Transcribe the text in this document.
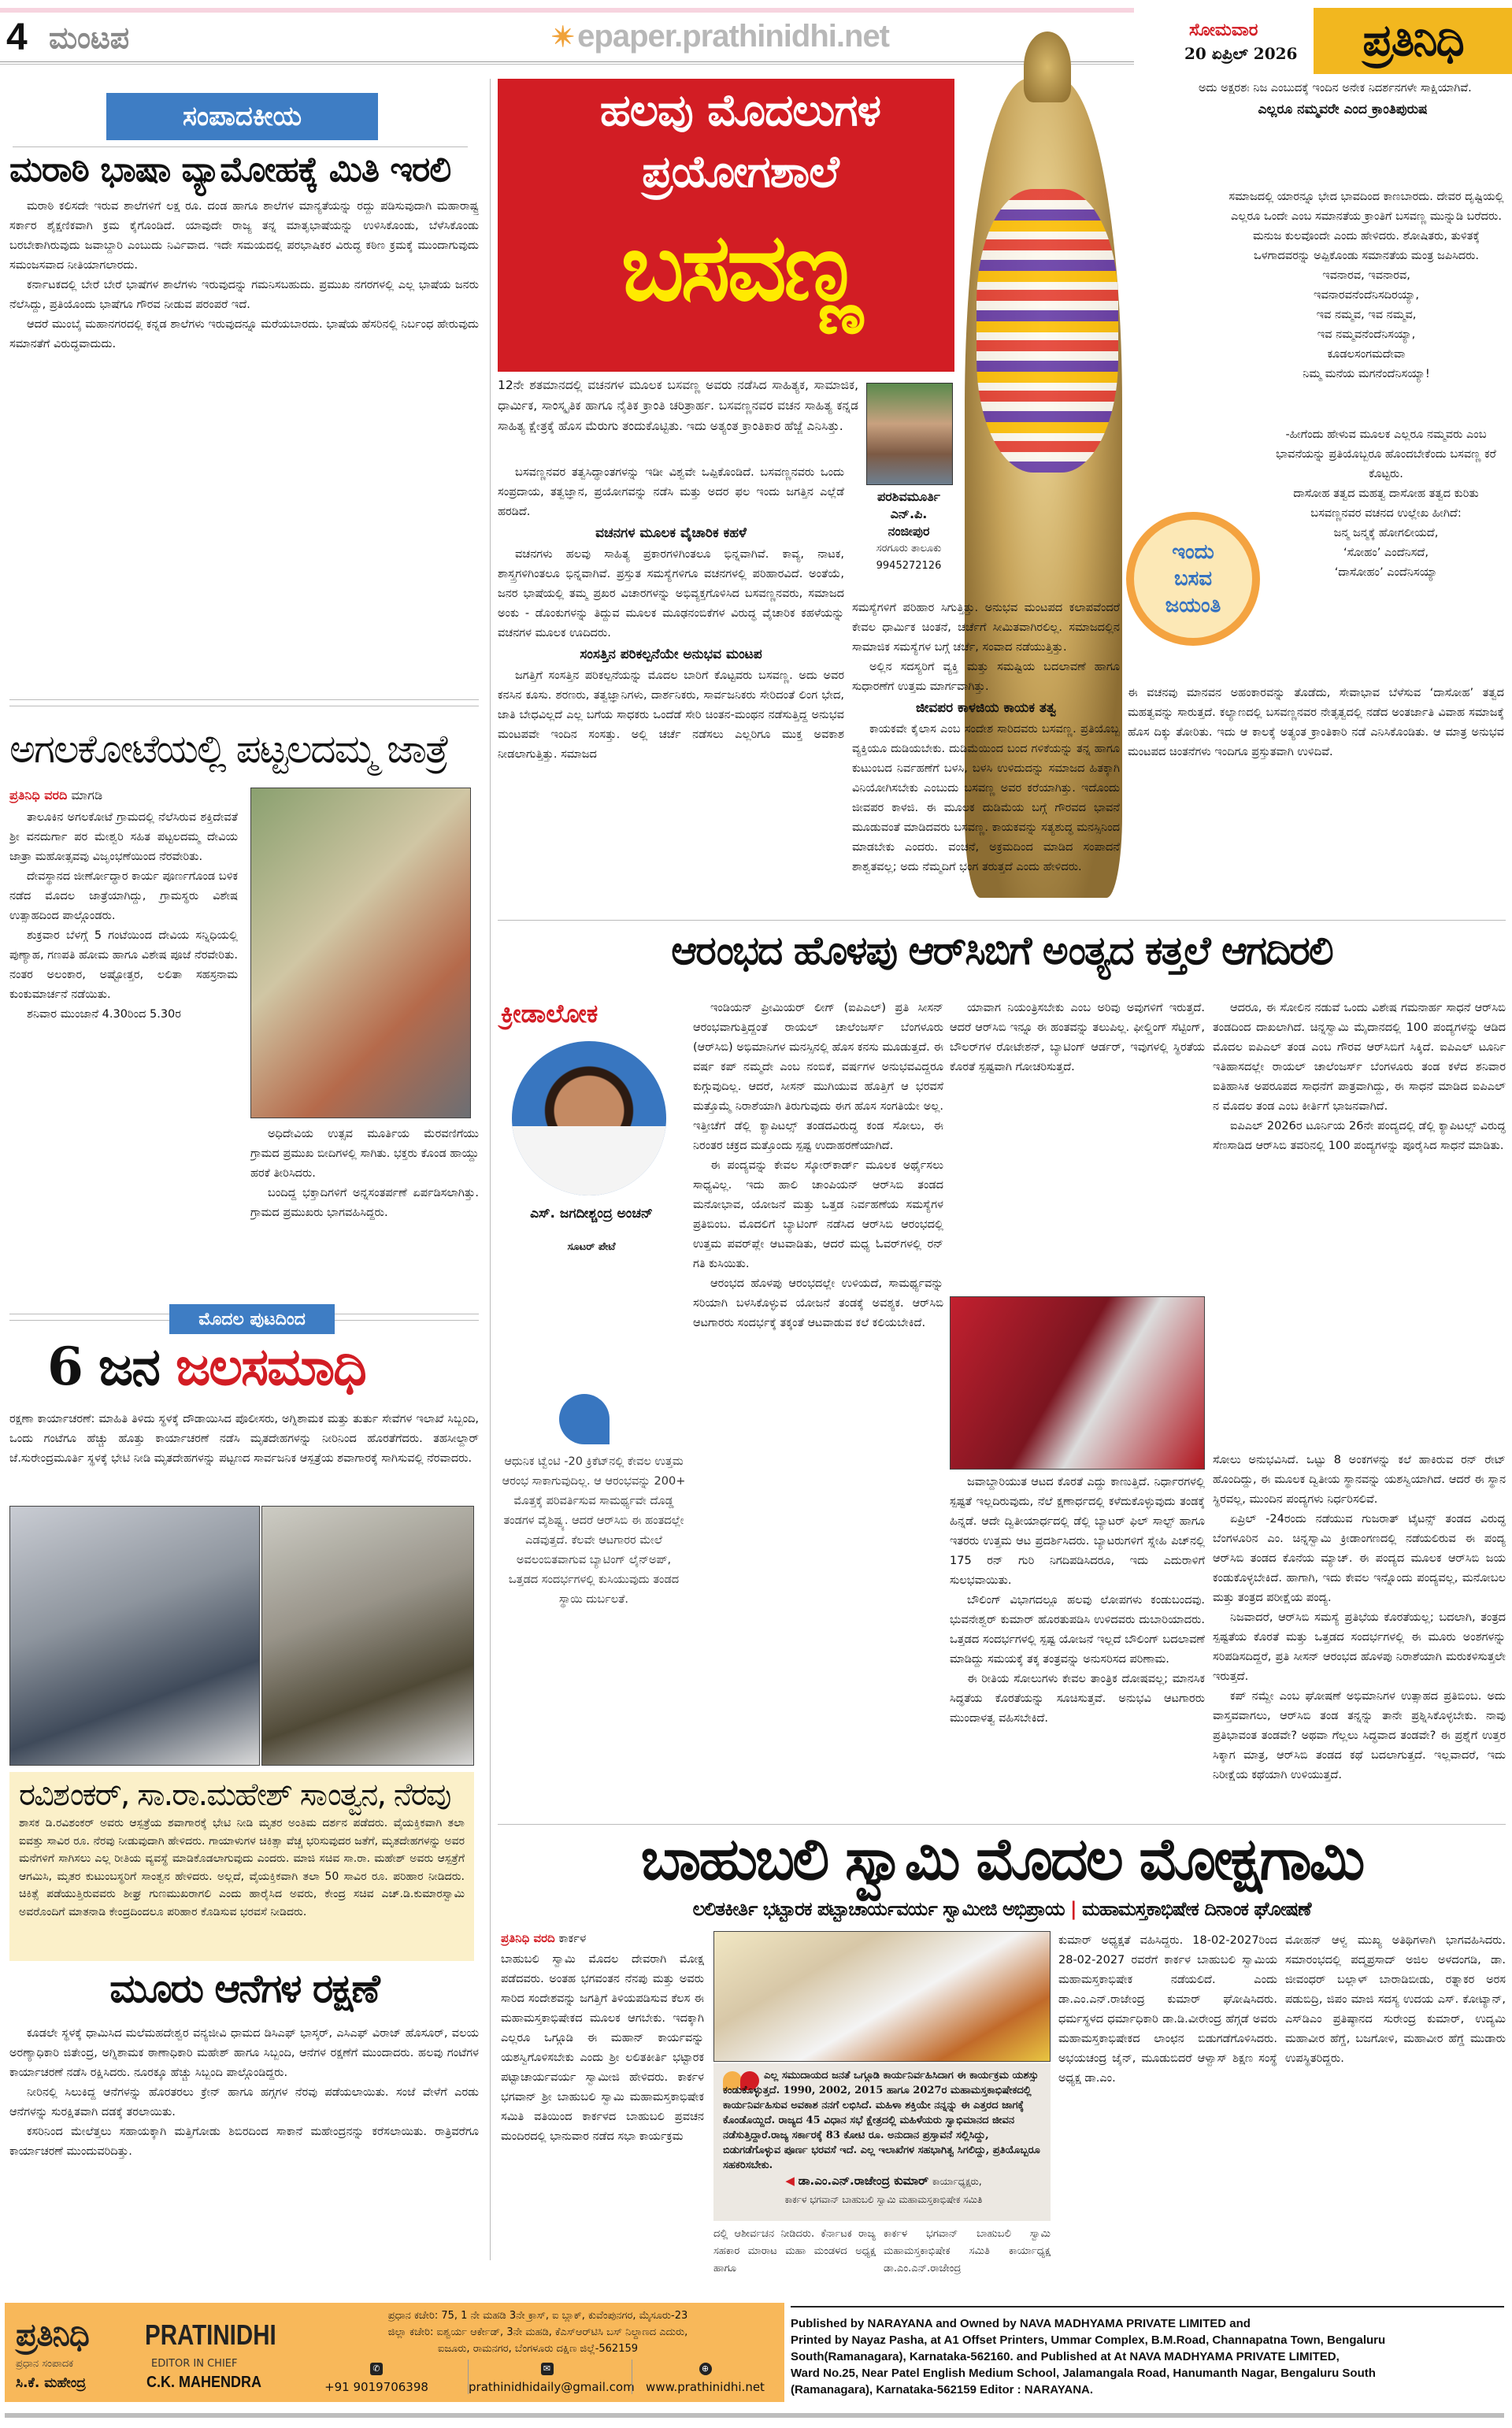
4 ಮಂಟಪ	✴ epaper.prathinidhi.net	ಸೋಮವಾರ
20 ಏಪ್ರಿಲ್ 2026 ಪ್ರತಿನಿಧಿ
ಸಂಪಾದಕೀಯ
ಮರಾಠಿ ಭಾಷಾ ವ್ಯಾಮೋಹಕ್ಕೆ ಮಿತಿ ಇರಲಿ

ಮರಾಠಿ ಕಲಿಸದೇ ಇರುವ ಶಾಲೆಗಳಿಗೆ ಲಕ್ಷ ರೂ. ದಂಡ ಹಾಗೂ ಶಾಲೆಗಳ ಮಾನ್ಯತೆಯನ್ನು ರದ್ದು ಪಡಿಸುವುದಾಗಿ ಮಹಾರಾಷ್ಟ್ರ ಸರ್ಕಾರ ಶೈಕ್ಷಣಿಕವಾಗಿ ಕ್ರಮ ಕೈಗೊಂಡಿದೆ. ಯಾವುದೇ ರಾಜ್ಯ ತನ್ನ ಮಾತೃಭಾಷೆಯನ್ನು ಉಳಿಸಿಕೊಂಡು, ಬೆಳೆಸಿಕೊಂಡು ಬರಬೇಕಾಗಿರುವುದು ಜವಾಬ್ದಾರಿ ಎಂಬುದು ನಿರ್ವಿವಾದ. ಇದೇ ಸಮಯದಲ್ಲಿ ಪರಭಾಷಿಕರ ವಿರುದ್ಧ ಕಠಿಣ ಕ್ರಮಕ್ಕೆ ಮುಂದಾಗುವುದು ಸಮಂಜಸವಾದ ನೀತಿಯಾಗಲಾರದು.

ಕರ್ನಾಟಕದಲ್ಲಿ ಬೇರೆ ಬೇರೆ ಭಾಷೆಗಳ ಶಾಲೆಗಳು ಇರುವುದನ್ನು ಗಮನಿಸಬಹುದು. ಪ್ರಮುಖ ನಗರಗಳಲ್ಲಿ ಎಲ್ಲ ಭಾಷೆಯ ಜನರು ನೆಲೆಸಿದ್ದು, ಪ್ರತಿಯೊಂದು ಭಾಷೆಗೂ ಗೌರವ ನೀಡುವ ಪರಂಪರೆ ಇದೆ.

ಆದರೆ ಮುಂಬೈ ಮಹಾನಗರದಲ್ಲಿ ಕನ್ನಡ ಶಾಲೆಗಳು ಇರುವುದನ್ನೂ ಮರೆಯಬಾರದು. ಭಾಷೆಯ ಹೆಸರಿನಲ್ಲಿ ನಿರ್ಬಂಧ ಹೇರುವುದು ಸಮಾನತೆಗೆ ವಿರುದ್ಧವಾದುದು.

ಅಗಲಕೋಟೆಯಲ್ಲಿ ಪಟ್ಟಲದಮ್ಮ ಜಾತ್ರೆ
ಪ್ರತಿನಿಧಿ ವರದಿ ಮಾಗಡಿ

ತಾಲೂಕಿನ ಅಗಲಕೋಟೆ ಗ್ರಾಮದಲ್ಲಿ ನೆಲೆಸಿರುವ ಶಕ್ತಿದೇವತೆ ಶ್ರೀ ವನದುರ್ಗಾ ಪರ ಮೇಶ್ವರಿ ಸಹಿತ ಪಟ್ಟಲದಮ್ಮ ದೇವಿಯ ಜಾತ್ರಾ ಮಹೋತ್ಸವವು ವಿಜೃಂಭಣೆಯಿಂದ ನೆರವೇರಿತು.

ದೇವಸ್ಥಾನದ ಜೀರ್ಣೋದ್ಧಾರ ಕಾರ್ಯ ಪೂರ್ಣಗೊಂಡ ಬಳಿಕ ನಡೆದ ಮೊದಲ ಜಾತ್ರೆಯಾಗಿದ್ದು, ಗ್ರಾಮಸ್ಥರು ವಿಶೇಷ ಉತ್ಸಾಹದಿಂದ ಪಾಲ್ಗೊಂಡರು.

ಶುಕ್ರವಾರ ಬೆಳಗ್ಗೆ 5 ಗಂಟೆಯಿಂದ ದೇವಿಯ ಸನ್ನಿಧಿಯಲ್ಲಿ ಪುಣ್ಯಾಹ, ಗಣಪತಿ ಹೋಮ ಹಾಗೂ ವಿಶೇಷ ಪೂಜೆ ನೆರವೇರಿತು. ನಂತರ ಅಲಂಕಾರ, ಅಷ್ಟೋತ್ತರ, ಲಲಿತಾ ಸಹಸ್ರನಾಮ ಕುಂಕುಮಾರ್ಚನೆ ನಡೆಯಿತು.

ಶನಿವಾರ ಮುಂಜಾನೆ 4.30ರಿಂದ 5.30ರ

ಅಧಿದೇವಿಯ ಉತ್ಸವ ಮೂರ್ತಿಯ ಮೆರವಣಿಗೆಯು ಗ್ರಾಮದ ಪ್ರಮುಖ ಬೀದಿಗಳಲ್ಲಿ ಸಾಗಿತು. ಭಕ್ತರು ಕೊಂಡ ಹಾಯ್ದು ಹರಕೆ ತೀರಿಸಿದರು.

ಬಂದಿದ್ದ ಭಕ್ತಾದಿಗಳಿಗೆ ಅನ್ನಸಂತರ್ಪಣೆ ಏರ್ಪಡಿಸಲಾಗಿತ್ತು. ಗ್ರಾಮದ ಪ್ರಮುಖರು ಭಾಗವಹಿಸಿದ್ದರು.

ಮೊದಲ ಪುಟದಿಂದ
6 ಜನ ಜಲಸಮಾಧಿ
ರಕ್ಷಣಾ ಕಾರ್ಯಾಚರಣೆ: ಮಾಹಿತಿ ತಿಳಿದು ಸ್ಥಳಕ್ಕೆ ದೌಡಾಯಿಸಿದ ಪೊಲೀಸರು, ಅಗ್ನಿಶಾಮಕ ಮತ್ತು ತುರ್ತು ಸೇವೆಗಳ ಇಲಾಖೆ ಸಿಬ್ಬಂದಿ, ಒಂದು ಗಂಟೆಗೂ ಹೆಚ್ಚು ಹೊತ್ತು ಕಾರ್ಯಾಚರಣೆ ನಡೆಸಿ ಮೃತದೇಹಗಳನ್ನು ನೀರಿನಿಂದ ಹೊರತೆಗೆದರು. ತಹಸೀಲ್ದಾರ್ ಜೆ.ಸುರೇಂದ್ರಮೂರ್ತಿ ಸ್ಥಳಕ್ಕೆ ಭೇಟಿ ನೀಡಿ ಮೃತದೇಹಗಳನ್ನು ಪಟ್ಟಣದ ಸಾರ್ವಜನಿಕ ಆಸ್ಪತ್ರೆಯ ಶವಾಗಾರಕ್ಕೆ ಸಾಗಿಸುವಲ್ಲಿ ನೆರವಾದರು.
ರವಿಶಂಕರ್, ಸಾ.ರಾ.ಮಹೇಶ್ ಸಾಂತ್ವನ, ನೆರವು
ಶಾಸಕ ಡಿ.ರವಿಶಂಕರ್ ಅವರು ಆಸ್ಪತ್ರೆಯ ಶವಾಗಾರಕ್ಕೆ ಭೇಟಿ ನೀಡಿ ಮೃತರ ಅಂತಿಮ ದರ್ಶನ ಪಡೆದರು. ವೈಯಕ್ತಿಕವಾಗಿ ತಲಾ ಐವತ್ತು ಸಾವಿರ ರೂ. ನೆರವು ನೀಡುವುದಾಗಿ ಹೇಳಿದರು. ಗಾಯಾಳುಗಳ ಚಿಕಿತ್ಸಾ ವೆಚ್ಚ ಭರಿಸುವುದರ ಜತೆಗೆ, ಮೃತದೇಹಗಳನ್ನು ಅವರ ಮನೆಗಳಿಗೆ ಸಾಗಿಸಲು ಎಲ್ಲ ರೀತಿಯ ವ್ಯವಸ್ಥೆ ಮಾಡಿಕೊಡಲಾಗುವುದು ಎಂದರು. ಮಾಜಿ ಸಚಿವ ಸಾ.ರಾ. ಮಹೇಶ್ ಅವರು ಆಸ್ಪತ್ರೆಗೆ ಆಗಮಿಸಿ, ಮೃತರ ಕುಟುಂಬಸ್ಥರಿಗೆ ಸಾಂತ್ವನ ಹೇಳಿದರು. ಅಲ್ಲದೆ, ವೈಯಕ್ತಿಕವಾಗಿ ತಲಾ 50 ಸಾವಿರ ರೂ. ಪರಿಹಾರ ನೀಡಿದರು. ಚಿಕಿತ್ಸೆ ಪಡೆಯುತ್ತಿರುವವರು ಶೀಘ್ರ ಗುಣಮುಖರಾಗಲಿ ಎಂದು ಹಾರೈಸಿದ ಅವರು, ಕೇಂದ್ರ ಸಚಿವ ಎಚ್.ಡಿ.ಕುಮಾರಸ್ವಾಮಿ ಅವರೊಂದಿಗೆ ಮಾತನಾಡಿ ಕೇಂದ್ರದಿಂದಲೂ ಪರಿಹಾರ ಕೊಡಿಸುವ ಭರವಸೆ ನೀಡಿದರು.
ಮೂರು ಆನೆಗಳ ರಕ್ಷಣೆ

ಕೂಡಲೇ ಸ್ಥಳಕ್ಕೆ ಧಾಮಿಸಿದ ಮಲೆಮಹದೇಶ್ವರ ವನ್ಯಜೀವಿ ಧಾಮದ ಡಿಸಿಎಫ್ ಭಾಸ್ಕರ್, ಎಸಿಎಫ್ ವಿರಾಜ್ ಹೊಸೂರ್, ವಲಯ ಅರಣ್ಯಾಧಿಕಾರಿ ಜಿತೇಂದ್ರ, ಅಗ್ನಿಶಾಮಕ ಠಾಣಾಧಿಕಾರಿ ಮಹೇಶ್ ಹಾಗೂ ಸಿಬ್ಬಂದಿ, ಆನೆಗಳ ರಕ್ಷಣೆಗೆ ಮುಂದಾದರು. ಹಲವು ಗಂಟೆಗಳ ಕಾರ್ಯಾಚರಣೆ ನಡೆಸಿ ರಕ್ಷಿಸಿದರು. ನೂರಕ್ಕೂ ಹೆಚ್ಚು ಸಿಬ್ಬಂದಿ ಪಾಲ್ಗೊಂಡಿದ್ದರು.

ನೀರಿನಲ್ಲಿ ಸಿಲುಕಿದ್ದ ಆನೆಗಳನ್ನು ಹೊರತರಲು ಕ್ರೇನ್ ಹಾಗೂ ಹಗ್ಗಗಳ ನೆರವು ಪಡೆಯಲಾಯಿತು. ಸಂಜೆ ವೇಳೆಗೆ ಎರಡು ಆನೆಗಳನ್ನು ಸುರಕ್ಷಿತವಾಗಿ ದಡಕ್ಕೆ ತರಲಾಯಿತು.

ಕಸರಿನಿಂದ ಮೇಲೆತ್ತಲು ಸಹಾಯಕ್ಕಾಗಿ ಮತ್ತಿಗೋಡು ಶಿಬಿರದಿಂದ ಸಾಕಾನೆ ಮಹೇಂದ್ರನನ್ನು ಕರೆಸಲಾಯಿತು. ರಾತ್ರಿವರೆಗೂ ಕಾರ್ಯಾಚರಣೆ ಮುಂದುವರಿದಿತ್ತು.

ಹಲವು ಮೊದಲುಗಳ
ಪ್ರಯೋಗಶಾಲೆ
ಬಸವಣ್ಣ
ಇಂದು
ಬಸವ
ಜಯಂತಿ
ಪರಶಿವಮೂರ್ತಿ
ಎನ್.ಪಿ.
ನಂಜೀಪುರ
ಸರಗೂರು ತಾಲೂಕು
9945272126
12ನೇ ಶತಮಾನದಲ್ಲಿ ವಚನಗಳ ಮೂಲಕ ಬಸವಣ್ಣ ಅವರು ನಡೆಸಿದ ಸಾಹಿತ್ಯಕ, ಸಾಮಾಜಿಕ, ಧಾರ್ಮಿಕ, ಸಾಂಸ್ಕೃತಿಕ ಹಾಗೂ ನೈತಿಕ ಕ್ರಾಂತಿ ಚರಿತ್ರಾರ್ಹ. ಬಸವಣ್ಣನವರ ವಚನ ಸಾಹಿತ್ಯ ಕನ್ನಡ ಸಾಹಿತ್ಯ ಕ್ಷೇತ್ರಕ್ಕೆ ಹೊಸ ಮೆರುಗು ತಂದುಕೊಟ್ಟಿತು. ಇದು ಅತ್ಯಂತ ಕ್ರಾಂತಿಕಾರ ಹೆಜ್ಜೆ ಎನಿಸಿತ್ತು.

ಬಸವಣ್ಣನವರ ತತ್ವಸಿದ್ಧಾಂತಗಳನ್ನು ಇಡೀ ವಿಶ್ವವೇ ಒಪ್ಪಿಕೊಂಡಿದೆ. ಬಸವಣ್ಣನವರು ಒಂದು ಸಂಪ್ರದಾಯ, ತತ್ವಜ್ಞಾನ, ಪ್ರಯೋಗವನ್ನು ನಡೆಸಿ ಮತ್ತು ಅದರ ಫಲ ಇಂದು ಜಗತ್ತಿನ ಎಲ್ಲೆಡೆ ಹರಡಿದೆ.

ವಚನಗಳ ಮೂಲಕ ವೈಚಾರಿಕ ಕಹಳೆ

ವಚನಗಳು ಹಲವು ಸಾಹಿತ್ಯ ಪ್ರಕಾರಗಳಿಗಿಂತಲೂ ಭಿನ್ನವಾಗಿವೆ. ಕಾವ್ಯ, ನಾಟಕ, ಶಾಸ್ತ್ರಗಳಿಗಿಂತಲೂ ಭಿನ್ನವಾಗಿವೆ. ಪ್ರಸ್ತುತ ಸಮಸ್ಯೆಗಳಿಗೂ ವಚನಗಳಲ್ಲಿ ಪರಿಹಾರವಿದೆ. ಅಂತೆಯೆ, ಜನರ ಭಾಷೆಯಲ್ಲಿ ತಮ್ಮ ಪ್ರಖರ ವಿಚಾರಗಳನ್ನು ಅಭಿವ್ಯಕ್ತಗೊಳಿಸಿದ ಬಸವಣ್ಣನವರು, ಸಮಾಜದ ಅಂಕು - ಡೊಂಕುಗಳನ್ನು ತಿದ್ದುವ ಮೂಲಕ ಮೂಢನಂಬಿಕೆಗಳ ವಿರುದ್ಧ ವೈಚಾರಿಕ ಕಹಳೆಯನ್ನು ವಚನಗಳ ಮೂಲಕ ಊದಿದರು.

ಸಂಸತ್ತಿನ ಪರಿಕಲ್ಪನೆಯೇ ಅನುಭವ ಮಂಟಪ

ಜಗತ್ತಿಗೆ ಸಂಸತ್ತಿನ ಪರಿಕಲ್ಪನೆಯನ್ನು ಮೊದಲ ಬಾರಿಗೆ ಕೊಟ್ಟವರು ಬಸವಣ್ಣ. ಅದು ಅವರ ಕನಸಿನ ಕೂಸು. ಶರಣರು, ತತ್ವಜ್ಞಾನಿಗಳು, ದಾರ್ಶನಿಕರು, ಸಾರ್ವಜನಿಕರು ಸೇರಿದಂತೆ ಲಿಂಗ ಭೇದ, ಜಾತಿ ಬೇಧವಿಲ್ಲದೆ ಎಲ್ಲ ಬಗೆಯ ಸಾಧಕರು ಒಂದೆಡೆ ಸೇರಿ ಚಿಂತನ-ಮಂಥನ ನಡೆಸುತ್ತಿದ್ದ ಅನುಭವ ಮಂಟಪವೇ ಇಂದಿನ ಸಂಸತ್ತು. ಅಲ್ಲಿ ಚರ್ಚೆ ನಡೆಸಲು ಎಲ್ಲರಿಗೂ ಮುಕ್ತ ಅವಕಾಶ ನೀಡಲಾಗುತ್ತಿತ್ತು. ಸಮಾಜದ

ಸಮಸ್ಯೆಗಳಿಗೆ ಪರಿಹಾರ ಸಿಗುತ್ತಿತ್ತು. ಅನುಭವ ಮಂಟಪದ ಕಲಾಪವೆಂದರೆ ಕೇವಲ ಧಾರ್ಮಿಕ ಚಿಂತನೆ, ಚರ್ಚೆಗೆ ಸೀಮಿತವಾಗಿರಲಿಲ್ಲ. ಸಮಾಜದಲ್ಲಿನ ಸಾಮಾಜಿಕ ಸಮಸ್ಯೆಗಳ ಬಗ್ಗೆ ಚರ್ಚೆ, ಸಂವಾದ ನಡೆಯುತ್ತಿತ್ತು.

ಅಲ್ಲಿನ ಸದಸ್ಯರಿಗೆ ವ್ಯಕ್ತಿ ಮತ್ತು ಸಮಷ್ಟಿಯ ಬದಲಾವಣೆ ಹಾಗೂ ಸುಧಾರಣೆಗೆ ಉತ್ತಮ ಮಾರ್ಗವಾಗಿತ್ತು.

ಜೀವಪರ ಕಾಳಜಿಯ ಕಾಯಕ ತತ್ವ

ಕಾಯಕವೇ ಕೈಲಾಸ ಎಂಬ ಸಂದೇಶ ಸಾರಿದವರು ಬಸವಣ್ಣ. ಪ್ರತಿಯೊಬ್ಬ ವ್ಯಕ್ತಿಯೂ ದುಡಿಯಬೇಕು. ದುಡಿಮೆಯಿಂದ ಬಂದ ಗಳಿಕೆಯನ್ನು ತನ್ನ ಹಾಗೂ ಕುಟುಂಬದ ನಿರ್ವಹಣೆಗೆ ಬಳಸಿ, ಬಳಸಿ ಉಳಿದುದನ್ನು ಸಮಾಜದ ಹಿತಕ್ಕಾಗಿ ವಿನಿಯೋಗಿಸಬೇಕು ಎಂಬುದು ಬಸವಣ್ಣ ಅವರ ಕರೆಯಾಗಿತ್ತು. ಇದೊಂದು ಜೀವಪರ ಕಾಳಜಿ. ಈ ಮೂಲಕ ದುಡಿಮೆಯ ಬಗ್ಗೆ ಗೌರವದ ಭಾವನೆ ಮೂಡುವಂತೆ ಮಾಡಿದವರು ಬಸವಣ್ಣ. ಕಾಯಕವನ್ನು ಸತ್ಯಶುದ್ಧ ಮನಸ್ಸಿನಿಂದ ಮಾಡಬೇಕು ಎಂದರು. ವಂಚನೆ, ಅಕ್ರಮದಿಂದ ಮಾಡಿದ ಸಂಪಾದನೆ ಶಾಶ್ವತವಲ್ಲ; ಅದು ನೆಮ್ಮದಿಗೆ ಭಂಗ ತರುತ್ತದೆ ಎಂದು ಹೇಳಿದರು.

ಅದು ಅಕ್ಷರಶಃ ನಿಜ ಎಂಬುದಕ್ಕೆ ಇಂದಿನ ಅನೇಕ ನಿದರ್ಶನಗಳೇ ಸಾಕ್ಷಿಯಾಗಿವೆ.

ಎಲ್ಲರೂ ನಮ್ಮವರೇ ಎಂದ ಕ್ರಾಂತಿಪುರುಷ

ಸಮಾಜದಲ್ಲಿ ಯಾರನ್ನೂ ಭೇದ ಭಾವದಿಂದ ಕಾಣಬಾರದು. ದೇವರ ದೃಷ್ಟಿಯಲ್ಲಿ ಎಲ್ಲರೂ ಒಂದೇ ಎಂಬ ಸಮಾನತೆಯ ಕ್ರಾಂತಿಗೆ ಬಸವಣ್ಣ ಮುನ್ನುಡಿ ಬರೆದರು. ಮನುಜ ಕುಲವೊಂದೇ ಎಂದು ಹೇಳಿದರು. ಶೋಷಿತರು, ತುಳಿತಕ್ಕೆ ಒಳಗಾದವರನ್ನು ಅಪ್ಪಿಕೊಂಡು ಸಮಾನತೆಯ ಮಂತ್ರ ಜಪಿಸಿದರು.

ಇವನಾರವ, ಇವನಾರವ,
ಇವನಾರವನೆಂದೆನಿಸದಿರಯ್ಯಾ,
ಇವ ನಮ್ಮವ, ಇವ ನಮ್ಮವ,
ಇವ ನಮ್ಮವನೆಂದೆನಿಸಯ್ಯಾ,
ಕೂಡಲಸಂಗಮದೇವಾ
ನಿಮ್ಮ ಮನೆಯ ಮಗನೆಂದೆನಿಸಯ್ಯಾ!

-ಹೀಗೆಂದು ಹೇಳುವ ಮೂಲಕ ಎಲ್ಲರೂ ನಮ್ಮವರು ಎಂಬ ಭಾವನೆಯನ್ನು ಪ್ರತಿಯೊಬ್ಬರೂ ಹೊಂದಬೇಕೆಂದು ಬಸವಣ್ಣ ಕರೆ ಕೊಟ್ಟರು.

ದಾಸೋಹ ತತ್ವದ ಮಹತ್ವ ದಾಸೋಹ ತತ್ವದ ಕುರಿತು ಬಸವಣ್ಣನವರ ವಚನದ ಉಲ್ಲೇಖ ಹೀಗಿದೆ:

ಜನ್ಮ ಜನ್ಮಕ್ಕೆ ಹೋಗಲೀಯದೆ,
‘ಸೋಹಂ’ ಎಂದೆನಿಸದೆ,
‘ದಾಸೋಹಂ’ ಎಂದೆನಿಸಯ್ಯಾ
ಈ ವಚನವು ಮಾನವನ ಅಹಂಕಾರವನ್ನು ತೊಡೆದು, ಸೇವಾಭಾವ ಬೆಳೆಸುವ ‘ದಾಸೋಹ’ ತತ್ವದ ಮಹತ್ವವನ್ನು ಸಾರುತ್ತದೆ. ಕಲ್ಯಾಣದಲ್ಲಿ ಬಸವಣ್ಣನವರ ನೇತೃತ್ವದಲ್ಲಿ ನಡೆದ ಅಂತರ್ಜಾತಿ ವಿವಾಹ ಸಮಾಜಕ್ಕೆ ಹೊಸ ದಿಕ್ಕು ತೋರಿತು. ಇದು ಆ ಕಾಲಕ್ಕೆ ಅತ್ಯಂತ ಕ್ರಾಂತಿಕಾರಿ ನಡೆ ಎನಿಸಿಕೊಂಡಿತು. ಆ ಮಾತ್ರ ಅನುಭವ ಮಂಟಪದ ಚಿಂತನೆಗಳು ಇಂದಿಗೂ ಪ್ರಸ್ತುತವಾಗಿ ಉಳಿದಿವೆ.
ಆರಂಭದ ಹೊಳಪು ಆರ್‌ಸಿಬಿಗೆ ಅಂತ್ಯದ ಕತ್ತಲೆ ಆಗದಿರಲಿ
ಕ್ರೀಡಾಲೋಕ
ಎಸ್. ಜಗದೀಶ್ಚಂದ್ರ ಅಂಚನ್
ಸೂಟರ್ ಪೇಟೆ
ಆಧುನಿಕ ಟ್ವೆಂಟಿ -20 ಕ್ರಿಕೆಟ್‌ನಲ್ಲಿ ಕೇವಲ ಉತ್ತಮ ಆರಂಭ ಸಾಕಾಗುವುದಿಲ್ಲ. ಆ ಆರಂಭವನ್ನು 200+ ಮೊತ್ತಕ್ಕೆ ಪರಿವರ್ತಿಸುವ ಸಾಮರ್ಥ್ಯವೇ ದೊಡ್ಡ ತಂಡಗಳ ವೈಶಿಷ್ಟ್ಯ. ಆದರೆ ಆರ್‌ಸಿಬಿ ಈ ಹಂತದಲ್ಲೇ ಎಡವುತ್ತದೆ. ಕೆಲವೇ ಆಟಗಾರರ ಮೇಲೆ ಅವಲಂಬಿತವಾಗುವ ಬ್ಯಾಟಿಂಗ್ ಲೈನ್‌ಅಪ್, ಒತ್ತಡದ ಸಂದರ್ಭಗಳಲ್ಲಿ ಕುಸಿಯುವುದು ತಂಡದ ಸ್ಥಾಯಿ ದುರ್ಬಲತೆ.

ಇಂಡಿಯನ್ ಪ್ರೀಮಿಯರ್ ಲೀಗ್ (ಐಪಿಎಲ್) ಪ್ರತಿ ಸೀಸನ್ ಆರಂಭವಾಗುತ್ತಿದ್ದಂತೆ ರಾಯಲ್ ಚಾಲೆಂಜರ್ಸ್ ಬೆಂಗಳೂರು (ಆರ್‌ಸಿಬಿ) ಅಭಿಮಾನಿಗಳ ಮನಸ್ಸಿನಲ್ಲಿ ಹೊಸ ಕನಸು ಮೂಡುತ್ತದೆ. ಈ ವರ್ಷ ಕಪ್ ನಮ್ಮದೇ ಎಂಬ ನಂಬಿಕೆ, ವರ್ಷಗಳ ಅನುಭವವಿದ್ದರೂ ಕುಗ್ಗುವುದಿಲ್ಲ. ಆದರೆ, ಸೀಸನ್ ಮುಗಿಯುವ ಹೊತ್ತಿಗೆ ಆ ಭರವಸೆ ಮತ್ತೊಮ್ಮೆ ನಿರಾಶೆಯಾಗಿ ತಿರುಗುವುದು ಈಗ ಹೊಸ ಸಂಗತಿಯೇ ಅಲ್ಲ. ಇತ್ತೀಚೆಗೆ ಡೆಲ್ಲಿ ಕ್ಯಾಪಿಟಲ್ಸ್ ತಂಡದವಿರುದ್ಧ ಕಂಡ ಸೋಲು, ಈ ನಿರಂತರ ಚಕ್ರದ ಮತ್ತೊಂದು ಸ್ಪಷ್ಟ ಉದಾಹರಣೆಯಾಗಿದೆ.

ಈ ಪಂದ್ಯವನ್ನು ಕೇವಲ ಸ್ಕೋರ್‌ಕಾರ್ಡ್ ಮೂಲಕ ಅರ್ಥೈಸಲು ಸಾಧ್ಯವಿಲ್ಲ. ಇದು ಹಾಲಿ ಚಾಂಪಿಯನ್ ಆರ್‌ಸಿಬಿ ತಂಡದ ಮನೋಭಾವ, ಯೋಜನೆ ಮತ್ತು ಒತ್ತಡ ನಿರ್ವಹಣೆಯ ಸಮಸ್ಯೆಗಳ ಪ್ರತಿಬಿಂಬ. ಮೊದಲಿಗೆ ಬ್ಯಾಟಿಂಗ್ ನಡೆಸಿದ ಆರ್‌ಸಿಬಿ ಆರಂಭದಲ್ಲಿ ಉತ್ತಮ ಪವರ್‌ಪ್ಲೇ ಆಟವಾಡಿತು, ಆದರೆ ಮಧ್ಯ ಓವರ್‌ಗಳಲ್ಲಿ ರನ್ ಗತಿ ಕುಸಿಯಿತು.

ಆರಂಭದ ಹೊಳಪು ಆರಂಭದಲ್ಲೇ ಉಳಿಯದೆ, ಸಾಮರ್ಥ್ಯವನ್ನು ಸರಿಯಾಗಿ ಬಳಸಿಕೊಳ್ಳುವ ಯೋಜನೆ ತಂಡಕ್ಕೆ ಅವಶ್ಯಕ. ಆರ್‌ಸಿಬಿ ಆಟಗಾರರು ಸಂದರ್ಭಕ್ಕೆ ತಕ್ಕಂತೆ ಆಟವಾಡುವ ಕಲೆ ಕಲಿಯಬೇಕಿದೆ.

ಯಾವಾಗ ನಿಯಂತ್ರಿಸಬೇಕು ಎಂಬ ಅರಿವು ಅವುಗಳಿಗೆ ಇರುತ್ತದೆ. ಆದರೆ ಆರ್‌ಸಿಬಿ ಇನ್ನೂ ಈ ಹಂತವನ್ನು ತಲುಪಿಲ್ಲ. ಫೀಲ್ಡಿಂಗ್ ಸೆಟ್ಟಿಂಗ್, ಬೌಲರ್‌ಗಳ ರೋಟೇಶನ್, ಬ್ಯಾಟಿಂಗ್ ಆರ್ಡರ್, ಇವುಗಳಲ್ಲಿ ಸ್ಥಿರತೆಯ ಕೊರತೆ ಸ್ಪಷ್ಟವಾಗಿ ಗೋಚರಿಸುತ್ತದೆ.

ಜವಾಬ್ದಾರಿಯುತ ಆಟದ ಕೊರತೆ ಎದ್ದು ಕಾಣುತ್ತಿದೆ. ನಿರ್ಧಾರಗಳಲ್ಲಿ ಸ್ಪಷ್ಟತೆ ಇಲ್ಲದಿರುವುದು, ನೆಲೆ ಕ್ಷಣಾರ್ಧದಲ್ಲಿ ಕಳೆದುಕೊಳ್ಳುವುದು ತಂಡಕ್ಕೆ ಹಿನ್ನಡೆ. ಆದೇ ದ್ವಿತೀಯಾರ್ಧದಲ್ಲಿ ಡೆಲ್ಲಿ ಬ್ಯಾಟರ್ ಫಿಲ್ ಸಾಲ್ಟ್ ಹಾಗೂ ಇತರರು ಉತ್ತಮ ಆಟ ಪ್ರದರ್ಶಿಸಿದರು. ಬ್ಯಾಟರುಗಳಿಗೆ ಸ್ನೇಹಿ ಪಿಚ್‌ನಲ್ಲಿ 175 ರನ್ ಗುರಿ ನಿಗದಿಪಡಿಸಿದರೂ, ಇದು ಎದುರಾಳಿಗೆ ಸುಲಭವಾಯಿತು.

ಬೌಲಿಂಗ್ ವಿಭಾಗದಲ್ಲೂ ಹಲವು ಲೋಪಗಳು ಕಂಡುಬಂದವು. ಭುವನೇಶ್ವರ್ ಕುಮಾರ್ ಹೊರತುಪಡಿಸಿ ಉಳಿದವರು ದುಬಾರಿಯಾದರು. ಒತ್ತಡದ ಸಂದರ್ಭಗಳಲ್ಲಿ ಸ್ಪಷ್ಟ ಯೋಜನೆ ಇಲ್ಲದೆ ಬೌಲಿಂಗ್ ಬದಲಾವಣೆ ಮಾಡಿದ್ದು ಸಮಯಕ್ಕೆ ತಕ್ಕ ತಂತ್ರವನ್ನು ಅನುಸರಿಸದ ಪರಿಣಾಮ.

ಈ ರೀತಿಯ ಸೋಲುಗಳು ಕೇವಲ ತಾಂತ್ರಿಕ ದೋಷವಲ್ಲ; ಮಾನಸಿಕ ಸಿದ್ಧತೆಯ ಕೊರತೆಯನ್ನು ಸೂಚಿಸುತ್ತವೆ. ಅನುಭವಿ ಆಟಗಾರರು ಮುಂದಾಳತ್ವ ವಹಿಸಬೇಕಿದೆ.

ಆದರೂ, ಈ ಸೋಲಿನ ನಡುವೆ ಒಂದು ವಿಶೇಷ ಗಮನಾರ್ಹ ಸಾಧನೆ ಆರ್‌ಸಿಬಿ ತಂಡದಿಂದ ದಾಖಲಾಗಿದೆ. ಚಿನ್ನಸ್ವಾಮಿ ಮೈದಾನದಲ್ಲಿ 100 ಪಂದ್ಯಗಳನ್ನು ಆಡಿದ ಮೊದಲ ಐಪಿಎಲ್ ತಂಡ ಎಂಬ ಗೌರವ ಆರ್‌ಸಿಬಿಗೆ ಸಿಕ್ಕಿದೆ. ಐಪಿಎಲ್ ಟೂರ್ನಿ ಇತಿಹಾಸದಲ್ಲೇ ರಾಯಲ್ ಚಾಲೆಂಜರ್ಸ್ ಬೆಂಗಳೂರು ತಂಡ ಕಳೆದ ಶನಿವಾರ ಐತಿಹಾಸಿಕ ಅಪರೂಪದ ಸಾಧನೆಗೆ ಪಾತ್ರವಾಗಿದ್ದು, ಈ ಸಾಧನೆ ಮಾಡಿದ ಐಪಿಎಲ್ ನ ಮೊದಲ ತಂಡ ಎಂಬ ಕೀರ್ತಿಗೆ ಭಾಜನವಾಗಿದೆ.

ಐಪಿಎಲ್ 2026ರ ಟೂರ್ನಿಯ 26ನೇ ಪಂದ್ಯದಲ್ಲಿ ಡೆಲ್ಲಿ ಕ್ಯಾಪಿಟಲ್ಸ್ ವಿರುದ್ಧ ಸೆಣಸಾಡಿದ ಆರ್‌ಸಿಬಿ ತವರಿನಲ್ಲಿ 100 ಪಂದ್ಯಗಳನ್ನು ಪೂರೈಸಿದ ಸಾಧನೆ ಮಾಡಿತು.

ಸೋಲು ಅನುಭವಿಸಿದೆ. ಒಟ್ಟು 8 ಅಂಕಗಳನ್ನು ಕಲೆ ಹಾಕಿರುವ ರನ್ ರೇಟ್ ಹೊಂದಿದ್ದು, ಈ ಮೂಲಕ ದ್ವಿತೀಯ ಸ್ಥಾನವನ್ನು ಯಶಸ್ವಿಯಾಗಿದೆ. ಆದರೆ ಈ ಸ್ಥಾನ ಸ್ಥಿರವಲ್ಲ, ಮುಂದಿನ ಪಂದ್ಯಗಳು ನಿರ್ಧರಿಸಲಿವೆ.

ಏಪ್ರಿಲ್ -24ರಂದು ನಡೆಯುವ ಗುಜರಾತ್ ಟೈಟನ್ಸ್ ತಂಡದ ವಿರುದ್ಧ ಬೆಂಗಳೂರಿನ ಎಂ. ಚಿನ್ನಸ್ವಾಮಿ ಕ್ರೀಡಾಂಗಣದಲ್ಲಿ ನಡೆಯಲಿರುವ ಈ ಪಂದ್ಯ ಆರ್‌ಸಿಬಿ ತಂಡದ ಕೊನೆಯ ಮ್ಯಾಚ್. ಈ ಪಂದ್ಯದ ಮೂಲಕ ಆರ್‌ಸಿಬಿ ಜಯ ಕಂಡುಕೊಳ್ಳಬೇಕಿದೆ. ಹಾಗಾಗಿ, ಇದು ಕೇವಲ ಇನ್ನೊಂದು ಪಂದ್ಯವಲ್ಲ, ಮನೋಬಲ ಮತ್ತು ತಂತ್ರದ ಪರೀಕ್ಷೆಯ ಪಂದ್ಯ.

ನಿಜವಾದರೆ, ಆರ್‌ಸಿಬಿ ಸಮಸ್ಯೆ ಪ್ರತಿಭೆಯ ಕೊರತೆಯಲ್ಲ; ಬದಲಾಗಿ, ತಂತ್ರದ ಸ್ಪಷ್ಟತೆಯ ಕೊರತೆ ಮತ್ತು ಒತ್ತಡದ ಸಂದರ್ಭಗಳಲ್ಲಿ ಈ ಮೂರು ಅಂಶಗಳನ್ನು ಸರಿಪಡಿಸದಿದ್ದರೆ, ಪ್ರತಿ ಸೀಸನ್ ಆರಂಭದ ಹೊಳಪು ನಿರಾಶೆಯಾಗಿ ಮರುಕಳಿಸುತ್ತಲೇ ಇರುತ್ತದೆ.

ಕಪ್ ನಮ್ದೇ ಎಂಬ ಘೋಷಣೆ ಅಭಿಮಾನಿಗಳ ಉತ್ಸಾಹದ ಪ್ರತಿಬಿಂಬ. ಅದು ವಾಸ್ತವವಾಗಲು, ಆರ್‌ಸಿಬಿ ತಂಡ ತನ್ನನ್ನು ತಾನೇ ಪ್ರಶ್ನಿಸಿಕೊಳ್ಳಬೇಕು. ನಾವು ಪ್ರತಿಭಾವಂತ ತಂಡವೇ? ಅಥವಾ ಗೆಲ್ಲಲು ಸಿದ್ಧವಾದ ತಂಡವೇ? ಈ ಪ್ರಶ್ನೆಗೆ ಉತ್ತರ ಸಿಕ್ಕಾಗ ಮಾತ್ರ, ಆರ್‌ಸಿಬಿ ತಂಡದ ಕಥೆ ಬದಲಾಗುತ್ತದೆ. ಇಲ್ಲವಾದರೆ, ಇದು ನಿರೀಕ್ಷೆಯ ಕಥೆಯಾಗಿ ಉಳಿಯುತ್ತದೆ.

ಬಾಹುಬಲಿ ಸ್ವಾಮಿ ಮೊದಲ ಮೋಕ್ಷಗಾಮಿ
ಲಲಿತಕೀರ್ತಿ ಭಟ್ಟಾರಕ ಪಟ್ಟಾಚಾರ್ಯವರ್ಯ ಸ್ವಾಮೀಜಿ ಅಭಿಪ್ರಾಯ | ಮಹಾಮಸ್ತಕಾಭಿಷೇಕ ದಿನಾಂಕ ಘೋಷಣೆ
ಪ್ರತಿನಿಧಿ ವರದಿ ಕಾರ್ಕಳ
ಬಾಹುಬಲಿ ಸ್ವಾಮಿ ಮೊದಲ ದೇವರಾಗಿ ಮೋಕ್ಷ ಪಡೆದವರು. ಅಂತಹ ಭಗವಂತನ ನೆನಪು ಮತ್ತು ಅವರು ಸಾರಿದ ಸಂದೇಶವನ್ನು ಜಗತ್ತಿಗೆ ತಿಳಿಯಪಡಿಸುವ ಕೆಲಸ ಈ ಮಹಾಮಸ್ತಕಾಭಿಷೇಕದ ಮೂಲಕ ಆಗಬೇಕು. ಇದಕ್ಕಾಗಿ ಎಲ್ಲರೂ ಒಗ್ಗೂಡಿ ಈ ಮಹಾನ್ ಕಾರ್ಯವನ್ನು ಯಶಸ್ವಿಗೊಳಿಸಬೇಕು ಎಂದು ಶ್ರೀ ಲಲಿತಕೀರ್ತಿ ಭಟ್ಟಾರಕ ಪಟ್ಟಾಚಾರ್ಯವರ್ಯ ಸ್ವಾಮೀಜಿ ಹೇಳಿದರು. ಕಾರ್ಕಳ ಭಗವಾನ್ ಶ್ರೀ ಬಾಹುಬಲಿ ಸ್ವಾಮಿ ಮಹಾಮಸ್ತಕಾಭಿಷೇಕ ಸಮಿತಿ ವತಿಯಿಂದ ಕಾರ್ಕಳದ ಬಾಹುಬಲಿ ಪ್ರವಚನ ಮಂದಿರದಲ್ಲಿ ಭಾನುವಾರ ನಡೆದ ಸಭಾ ಕಾರ್ಯಕ್ರಮ
ಎಲ್ಲ ಸಮುದಾಯದ ಜನತೆ ಒಗ್ಗೂಡಿ ಕಾರ್ಯನಿರ್ವಹಿಸಿದಾಗ ಈ ಕಾರ್ಯಕ್ರಮ ಯಶಸ್ಸು ಕಂಡುಕೊಳ್ಳುತ್ತದೆ. 1990, 2002, 2015 ಹಾಗೂ 2027ರ ಮಹಾಮಸ್ತಕಾಭಿಷೇಕದಲ್ಲಿ ಕಾರ್ಯನಿರ್ವಹಿಸುವ ಅವಕಾಶ ನನಗೆ ಲಭಿಸಿದೆ. ಮಹಿಳಾ ಶಕ್ತಿಯೇ ನನ್ನನ್ನು ಈ ಎತ್ತರದ ಜಾಗಕ್ಕೆ ಕೊಂಡೊಯ್ದಿದೆ. ರಾಜ್ಯದ 45 ವಿಧಾನ ಸಭೆ ಕ್ಷೇತ್ರದಲ್ಲಿ ಮಹಿಳೆಯರು ಸ್ವಾಭಿಮಾನದ ಜೀವನ ನಡೆಸುತ್ತಿದ್ದಾರೆ.ರಾಜ್ಯ ಸರ್ಕಾರಕ್ಕೆ 83 ಕೋಟಿ ರೂ. ಅನುದಾನ ಪ್ರಸ್ತಾವನೆ ಸಲ್ಲಿಸಿದ್ದು, ಬಿಡುಗಡೆಗೊಳ್ಳುವ ಪೂರ್ಣ ಭರವಸೆ ಇದೆ. ಎಲ್ಲ ಇಲಾಖೆಗಳ ಸಹಭಾಗಿತ್ವ ಸಿಗಲಿದ್ದು, ಪ್ರತಿಯೊಬ್ಬರೂ ಸಹಕರಿಸಬೇಕು.
◀ ಡಾ.ಎಂ.ಎನ್.ರಾಜೇಂದ್ರ ಕುಮಾರ್ ಕಾರ್ಯಾಧ್ಯಕ್ಷರು,
ಕಾರ್ಕಳ ಭಗವಾನ್ ಬಾಹುಬಲಿ ಸ್ವಾಮಿ ಮಹಾಮಸ್ತಕಾಭಿಷೇಕ ಸಮಿತಿ
ದಲ್ಲಿ ಆಶೀರ್ವಚನ ನೀಡಿದರು. ಕೆರ್ನಾಟಕ ರಾಜ್ಯ ಸಹಕಾರ ಮಾರಾಟ ಮಹಾ ಮಂಡಳದ ಅಧ್ಯಕ್ಷ ಹಾಗೂ
ಕಾರ್ಕಳ ಭಗವಾನ್ ಬಾಹುಬಲಿ ಸ್ವಾಮಿ ಮಹಾಮಸ್ತಕಾಭಿಷೇಕ ಸಮಿತಿ ಕಾರ್ಯಾಧ್ಯಕ್ಷ ಡಾ.ಎಂ.ಎನ್.ರಾಜೇಂದ್ರ
ಕುಮಾರ್ ಅಧ್ಯಕ್ಷತೆ ವಹಿಸಿದ್ದರು. 18-02-2027ರಿಂದ 28-02-2027 ರವರೆಗೆ ಕಾರ್ಕಳ ಬಾಹುಬಲಿ ಸ್ವಾಮಿಯ ಮಹಾಮಸ್ತಕಾಭಿಷೇಕ ನಡೆಯಲಿದೆ. ಎಂದು ಡಾ.ಎಂ.ಎನ್.ರಾಜೇಂದ್ರ ಕುಮಾರ್ ಘೋಷಿಸಿದರು. ಧರ್ಮಸ್ಥಳದ ಧರ್ಮಾಧಿಕಾರಿ ಡಾ.ಡಿ.ವೀರೇಂದ್ರ ಹೆಗ್ಗಡೆ ಅವರು ಮಹಾಮಸ್ತಕಾಭಿಷೇಕದ ಲಾಂಛನ ಬಿಡುಗಡೆಗೊಳಿಸಿದರು. ಅಭಯಚಂದ್ರ ಜೈನ್, ಮೂಡುಬಿದರೆ ಆಳ್ವಾಸ್ ಶಿಕ್ಷಣ ಸಂಸ್ಥೆ ಅಧ್ಯಕ್ಷ ಡಾ.ಎಂ.
ಮೋಹನ್ ಆಳ್ವ ಮುಖ್ಯ ಅತಿಥಿಗಳಾಗಿ ಭಾಗವಹಿಸಿದರು. ಸಮಾರಂಭದಲ್ಲಿ ಪದ್ಮಪ್ರಸಾದ್ ಅಜಿಲ ಅಳದಂಗಡಿ, ಡಾ. ಜೀವಂಧರ್ ಬಲ್ಲಾಳ್ ಬಾರಾಡಿಬೀಡು, ರತ್ನಾಕರ ಅರಸ ಪಡುಬಿದ್ರಿ, ಜಿಪಂ ಮಾಜಿ ಸದಸ್ಯ ಉದಯ ಎಸ್. ಕೋಟ್ಯಾನ್, ಎಸ್‌ಡಿಎಂ ಪ್ರತಿಷ್ಠಾನದ ಸುರೇಂದ್ರ ಕುಮಾರ್, ಉದ್ಯಮಿ ಮಹಾವೀರ ಹೆಗ್ಡೆ, ಬಜಗೋಳಿ, ಮಹಾವೀರ ಹೆಗ್ಡೆ ಮುಡಾರು ಉಪಸ್ಥಿತರಿದ್ದರು.
ಪ್ರತಿನಿಧಿ PRATINIDHI
ಪ್ರಧಾನ ಸಂಪಾದಕ
ಸಿ.ಕೆ. ಮಹೇಂದ್ರ
EDITOR IN CHIEF
C.K. MAHENDRA
ಪ್ರಧಾನ ಕಚೇರಿ: 75, 1 ನೇ ಮಹಡಿ 3ನೇ ಕ್ರಾಸ್, ಐ ಬ್ಲಾಕ್, ಕುವೆಂಪುನಗರ, ಮೈಸೂರು-23
ಜಿಲ್ಲಾ ಕಚೇರಿ: ಐಶ್ವರ್ಯ ಆರ್ಕೇಡ್, 3ನೇ ಮಹಡಿ, ಕೆಎಸ್‌ಆರ್‌ಟಿಸಿ ಬಸ್ ನಿಲ್ದಾಣದ ಎದುರು,
ಐಜೂರು, ರಾಮನಗರ, ಬೆಂಗಳೂರು ದಕ್ಷಿಣ ಜಿಲ್ಲೆ-562159
✆
+91 9019706398
✉
prathinidhidaily@gmail.com
⊕
www.prathinidhi.net
Published by NARAYANA and Owned by NAVA MADHYAMA PRIVATE LIMITED and
Printed by Nayaz Pasha, at A1 Offset Printers, Ummar Complex, B.M.Road, Channapatna Town, Bengaluru
South(Ramanagara), Karnataka-562160. and Published at At NAVA MADHYAMA PRIVATE LIMITED,
Ward No.25, Near Patel English Medium School, Jalamangala Road, Hanumanth Nagar, Bengaluru South
(Ramanagara), Karnataka-562159 Editor : NARAYANA.
